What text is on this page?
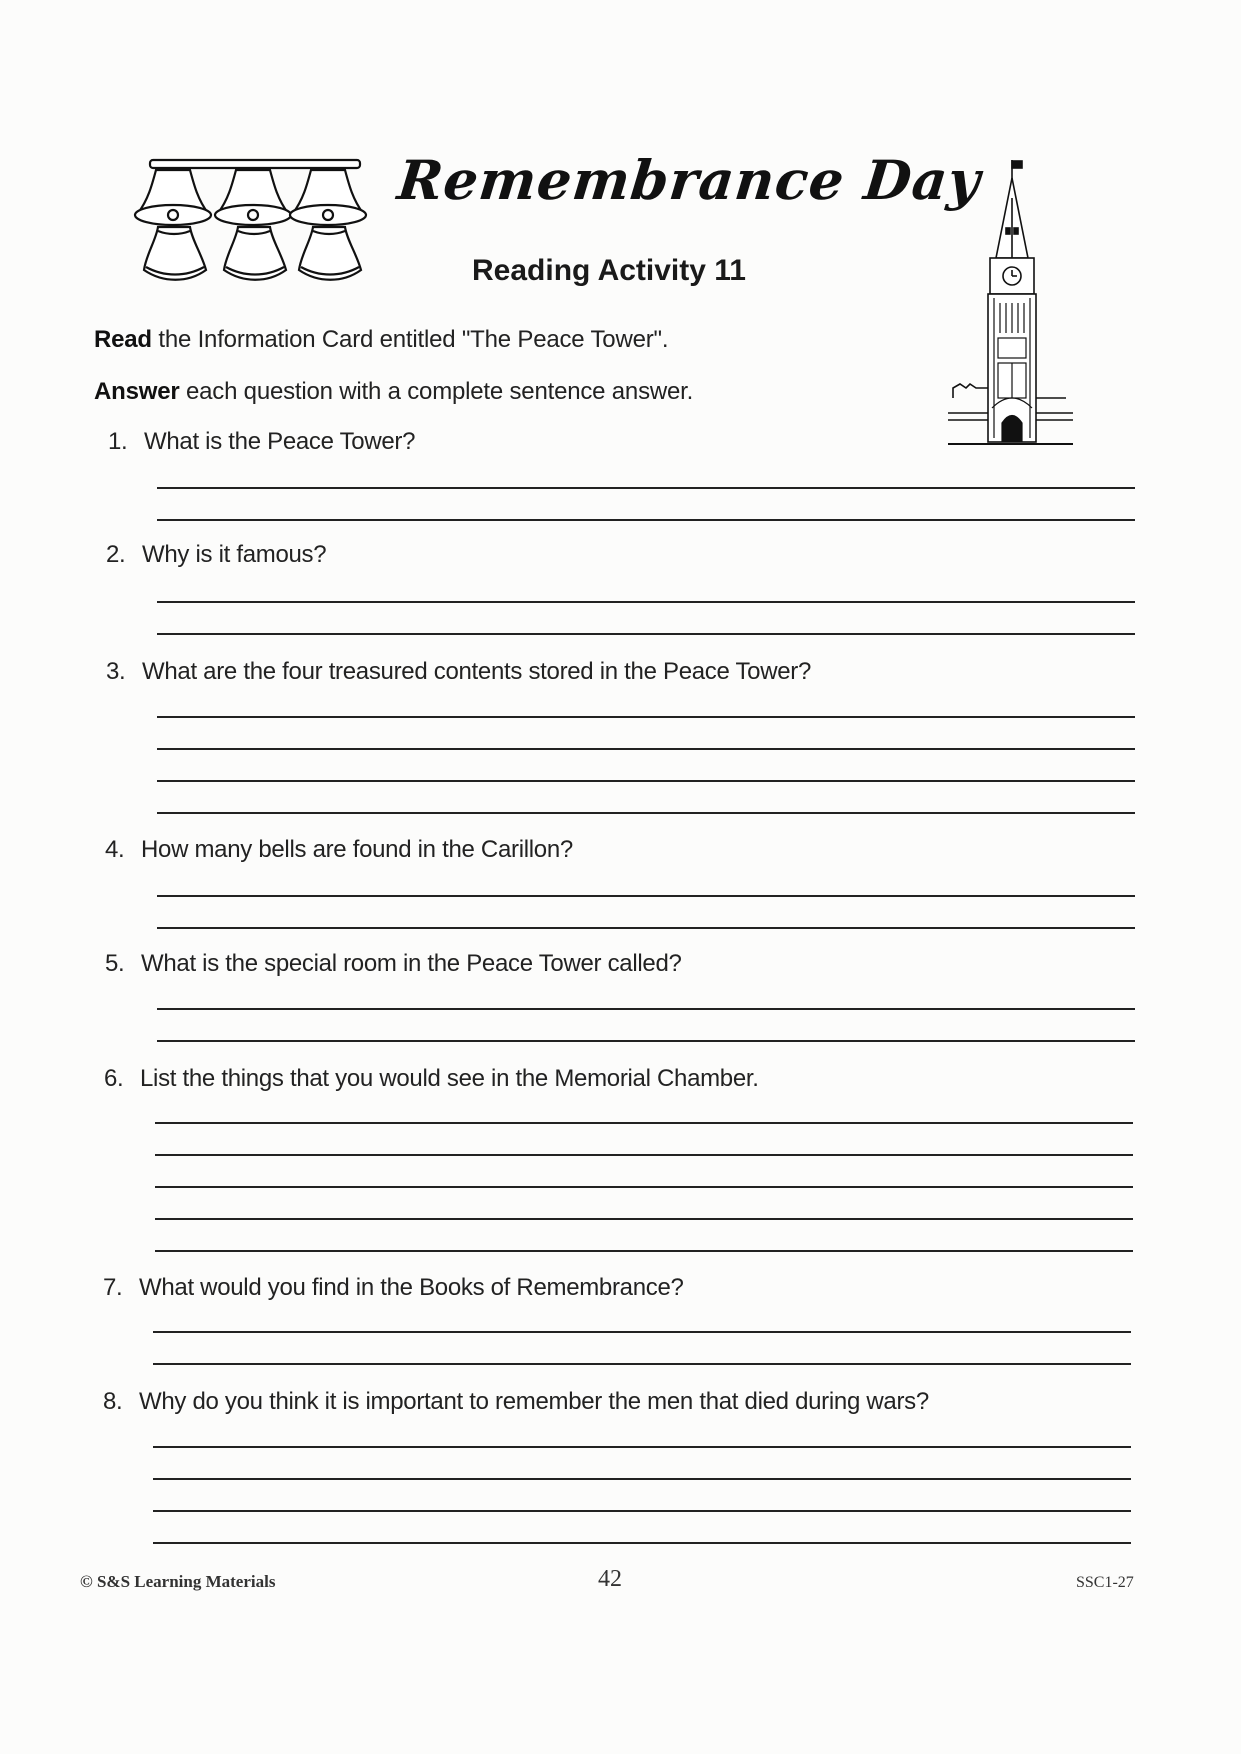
Remembrance Day
Reading Activity 11
Read the Information Card entitled "The Peace Tower".
Answer each question with a complete sentence answer.
1. What is the Peace Tower?
2. Why is it famous?
3. What are the four treasured contents stored in the Peace Tower?
4. How many bells are found in the Carillon?
5. What is the special room in the Peace Tower called?
6. List the things that you would see in the Memorial Chamber.
7. What would you find in the Books of Remembrance?
8. Why do you think it is important to remember the men that died during wars?
© S&S Learning Materials	42	SSC1-27
